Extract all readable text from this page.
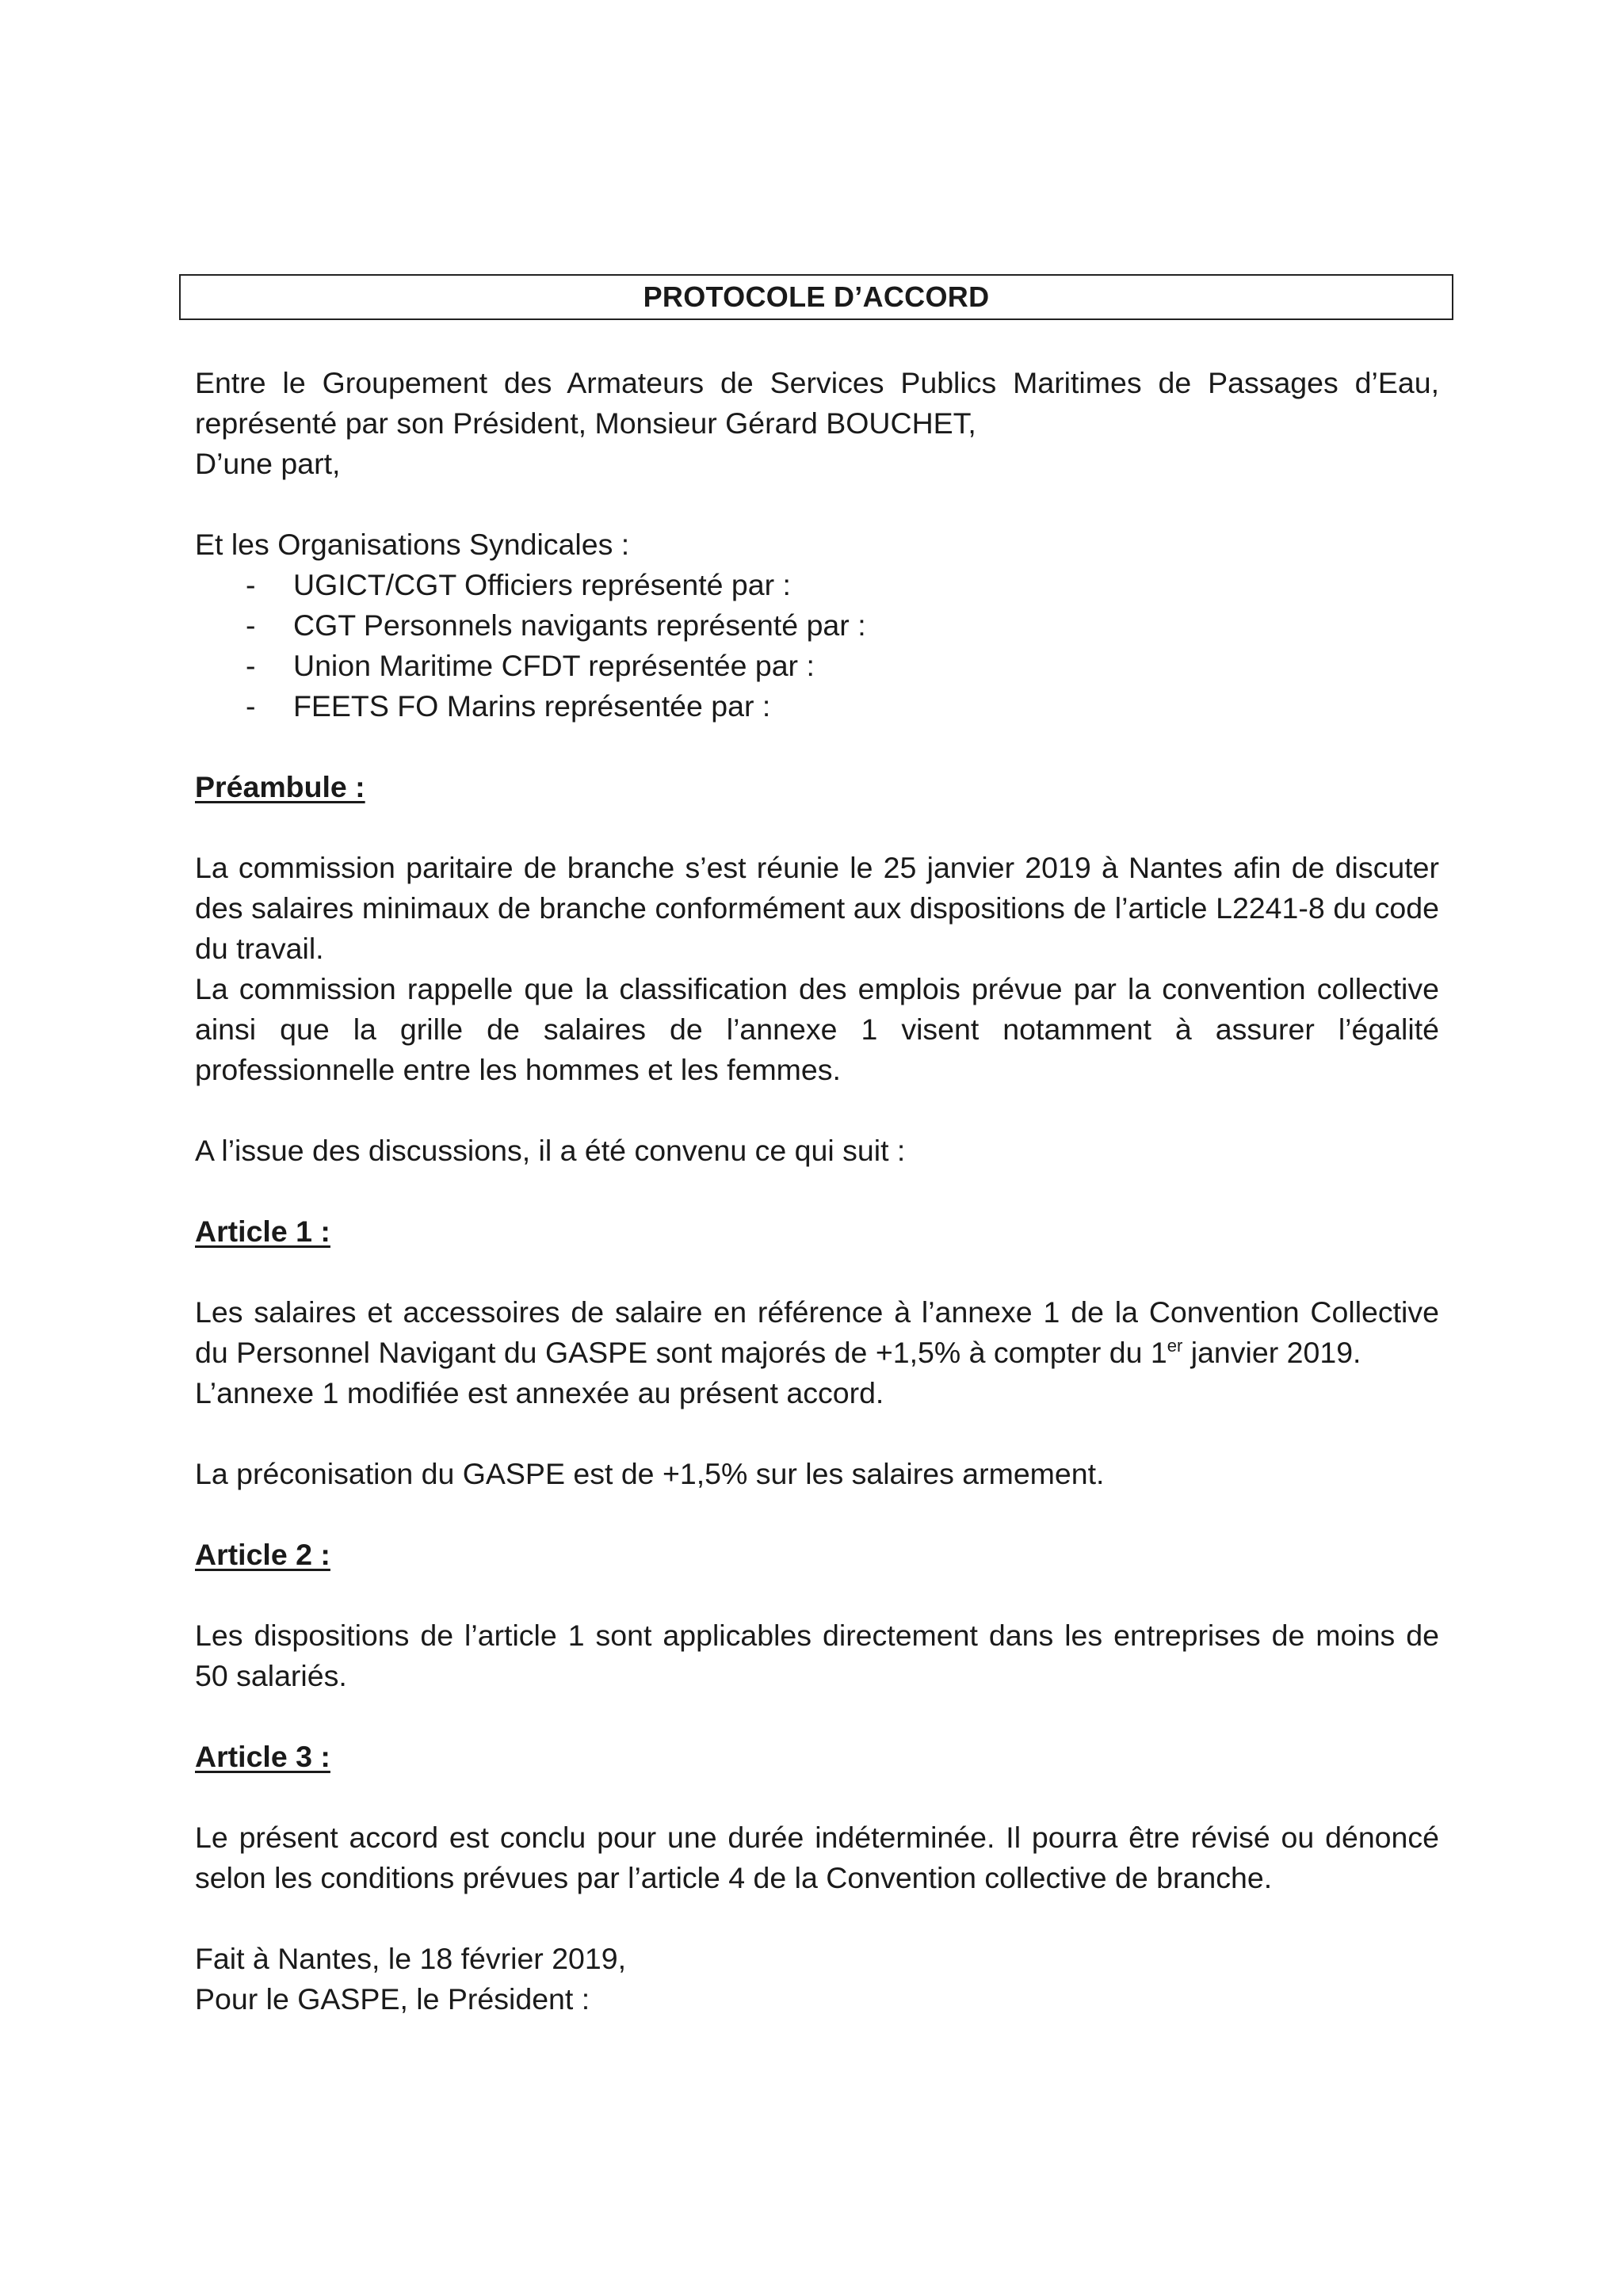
PROTOCOLE D’ACCORD

Entre le Groupement des Armateurs de Services Publics Maritimes de Passages d’Eau, représenté par son Président, Monsieur Gérard BOUCHET,
D’une part,

Et les Organisations Syndicales :
- UGICT/CGT Officiers représenté par :
- CGT Personnels navigants représenté par :
- Union Maritime CFDT représentée par :
- FEETS FO Marins représentée par :
Préambule :

La commission paritaire de branche s’est réunie le 25 janvier 2019 à Nantes afin de discuter des salaires minimaux de branche conformément aux dispositions de l’article L2241-8 du code du travail.
La commission rappelle que la classification des emplois prévue par la convention collective ainsi que la grille de salaires de l’annexe 1 visent notamment à assurer l’égalité professionnelle entre les hommes et les femmes.

A l’issue des discussions, il a été convenu ce qui suit :

Article 1 :

Les salaires et accessoires de salaire en référence à l’annexe 1 de la Convention Collective du Personnel Navigant du GASPE sont majorés de +1,5% à compter du 1er janvier 2019.
L’annexe 1 modifiée est annexée au présent accord.

La préconisation du GASPE est de +1,5% sur les salaires armement.

Article 2 :

Les dispositions de l’article 1 sont applicables directement dans les entreprises de moins de 50 salariés.

Article 3 :

Le présent accord est conclu pour une durée indéterminée. Il pourra être révisé ou dénoncé selon les conditions prévues par l’article 4 de la Convention collective de branche.

Fait à Nantes, le 18 février 2019,
Pour le GASPE, le Président :
